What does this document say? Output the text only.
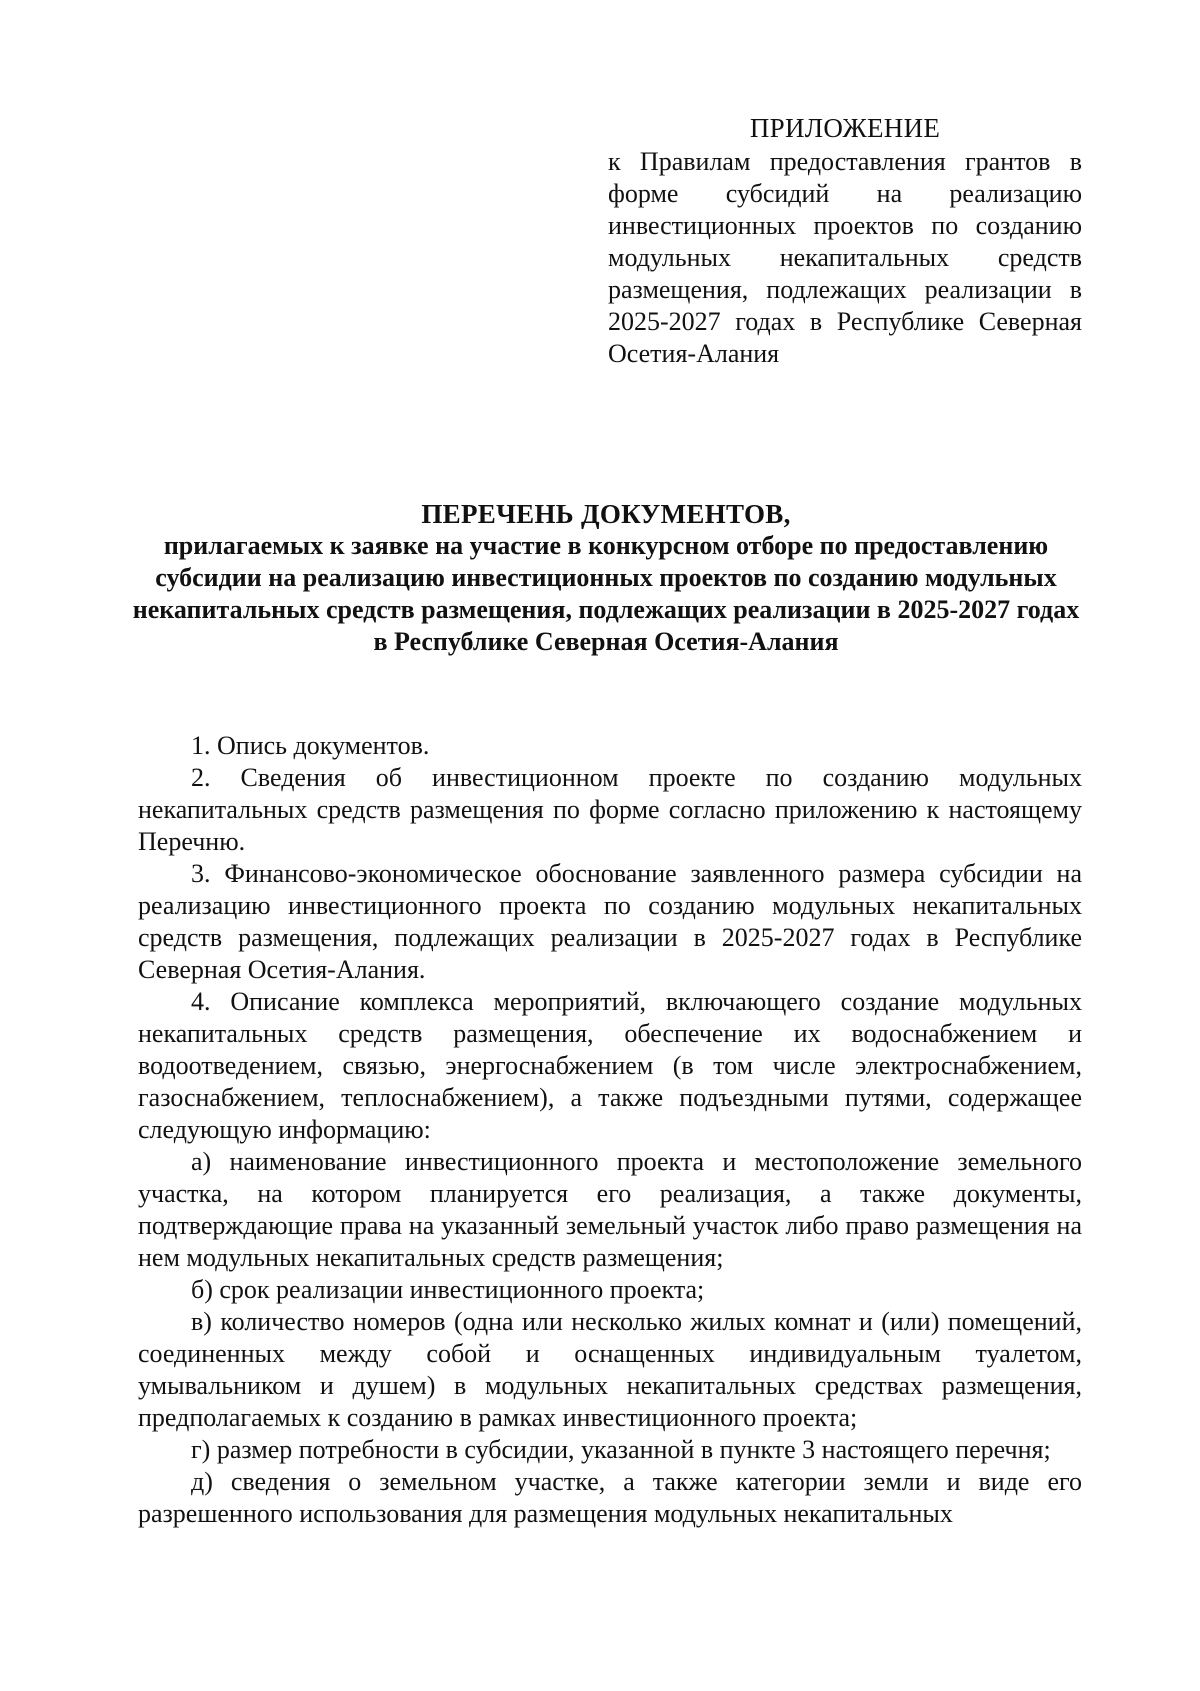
ПРИЛОЖЕНИЕ
к Правилам предоставления грантов в форме субсидий на реализацию инвестиционных проектов по созданию модульных некапитальных средств размещения, подлежащих реализации в 2025-2027 годах в Республике Северная Осетия-Алания
ПЕРЕЧЕНЬ ДОКУМЕНТОВ,
прилагаемых к заявке на участие в конкурсном отборе по предоставлению субсидии на реализацию инвестиционных проектов по созданию модульных некапитальных средств размещения, подлежащих реализации в 2025-2027 годах в Республике Северная Осетия-Алания

1. Опись документов.

2. Сведения об инвестиционном проекте по созданию модульных некапитальных средств размещения по форме согласно приложению к настоящему Перечню.

3. Финансово-экономическое обоснование заявленного размера субсидии на реализацию инвестиционного проекта по созданию модульных некапитальных средств размещения, подлежащих реализации в 2025-2027 годах в Республике Северная Осетия-Алания.

4. Описание комплекса мероприятий, включающего создание модульных некапитальных средств размещения, обеспечение их водоснабжением и водоотведением, связью, энергоснабжением (в том числе электроснабжением, газоснабжением, теплоснабжением), а также подъездными путями, содержащее следующую информацию:

а) наименование инвестиционного проекта и местоположение земельного участка, на котором планируется его реализация, а также документы, подтверждающие права на указанный земельный участок либо право размещения на нем модульных некапитальных средств размещения;

б) срок реализации инвестиционного проекта;

в) количество номеров (одна или несколько жилых комнат и (или) помещений, соединенных между собой и оснащенных индивидуальным туалетом, умывальником и душем) в модульных некапитальных средствах размещения, предполагаемых к созданию в рамках инвестиционного проекта;

г) размер потребности в субсидии, указанной в пункте 3 настоящего перечня;

д) сведения о земельном участке, а также категории земли и виде его разрешенного использования для размещения модульных некапитальных
